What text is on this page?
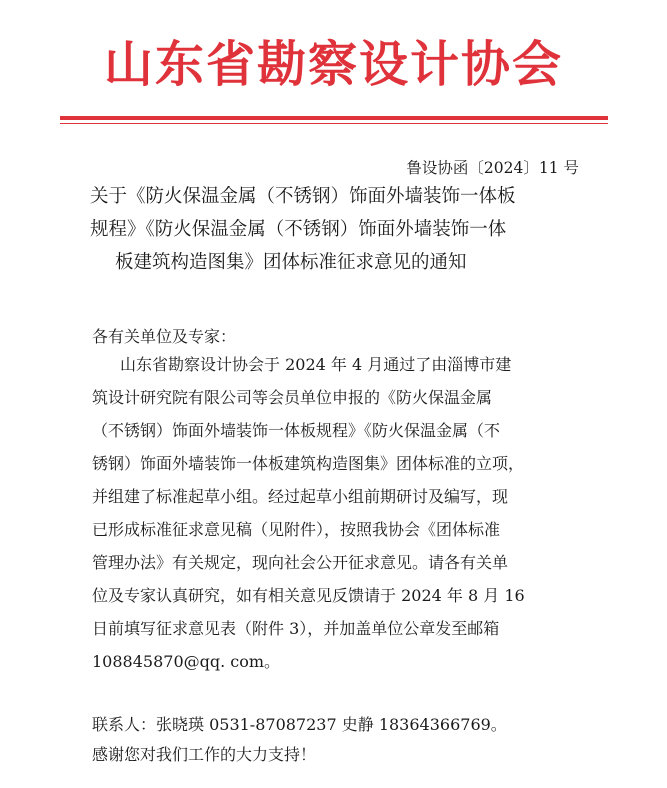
山东省勘察设计协会
鲁设协函〔2024〕11 号
关于《防火保温金属（不锈钢）饰面外墙装饰一体板
规程》《防火保温金属（不锈钢）饰面外墙装饰一体
板建筑构造图集》团体标准征求意见的通知
各有关单位及专家：
山东省勘察设计协会于 2024 年 4 月通过了由淄博市建
筑设计研究院有限公司等会员单位申报的《防火保温金属
（不锈钢）饰面外墙装饰一体板规程》《防火保温金属（不
锈钢）饰面外墙装饰一体板建筑构造图集》团体标准的立项，
并组建了标准起草小组。经过起草小组前期研讨及编写，现
已形成标准征求意见稿（见附件），按照我协会《团体标准
管理办法》有关规定，现向社会公开征求意见。请各有关单
位及专家认真研究，如有相关意见反馈请于 2024 年 8 月 16
日前填写征求意见表（附件 3），并加盖单位公章发至邮箱
108845870@qq. com。
联系人：张晓瑛 0531-87087237 史静 18364366769。
感谢您对我们工作的大力支持！
